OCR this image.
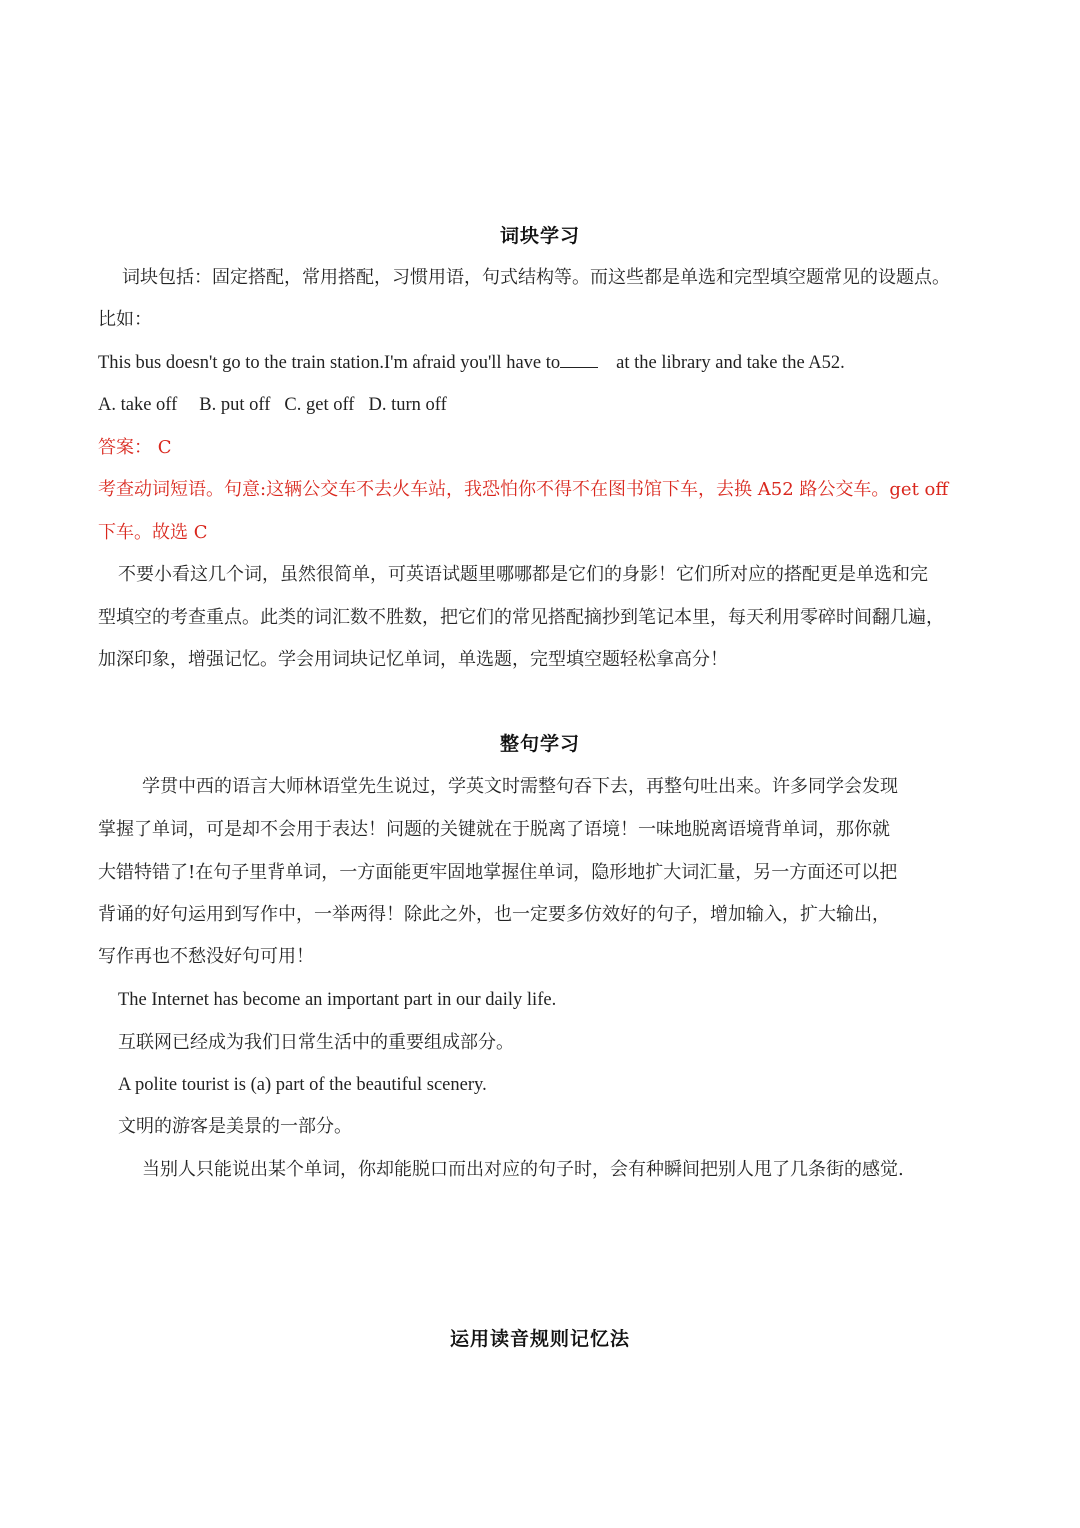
词块学习
词块包括：固定搭配，常用搭配，习惯用语，句式结构等。而这些都是单选和完型填空题常见的设题点。
比如：
This bus doesn't go to the train station.I'm afraid you'll have to	at the library and take the A52.
A. take off B. put off C. get off D. turn off
答案： C
考查动词短语。句意:这辆公交车不去火车站，我恐怕你不得不在图书馆下车，去换 A52 路公交车。get off
下车。故选 C
不要小看这几个词，虽然很简单，可英语试题里哪哪都是它们的身影！它们所对应的搭配更是单选和完
型填空的考查重点。此类的词汇数不胜数，把它们的常见搭配摘抄到笔记本里，每天利用零碎时间翻几遍，
加深印象，增强记忆。学会用词块记忆单词，单选题，完型填空题轻松拿高分！
整句学习
学贯中西的语言大师林语堂先生说过，学英文时需整句吞下去，再整句吐出来。许多同学会发现
掌握了单词，可是却不会用于表达！问题的关键就在于脱离了语境！一味地脱离语境背单词，那你就
大错特错了!在句子里背单词，一方面能更牢固地掌握住单词，隐形地扩大词汇量，另一方面还可以把
背诵的好句运用到写作中，一举两得！除此之外，也一定要多仿效好的句子，增加输入，扩大输出，
写作再也不愁没好句可用！
The Internet has become an important part in our daily life.
互联网已经成为我们日常生活中的重要组成部分。
A polite tourist is (a) part of the beautiful scenery.
文明的游客是美景的一部分。
当别人只能说出某个单词，你却能脱口而出对应的句子时，会有种瞬间把别人甩了几条街的感觉.
运用读音规则记忆法
